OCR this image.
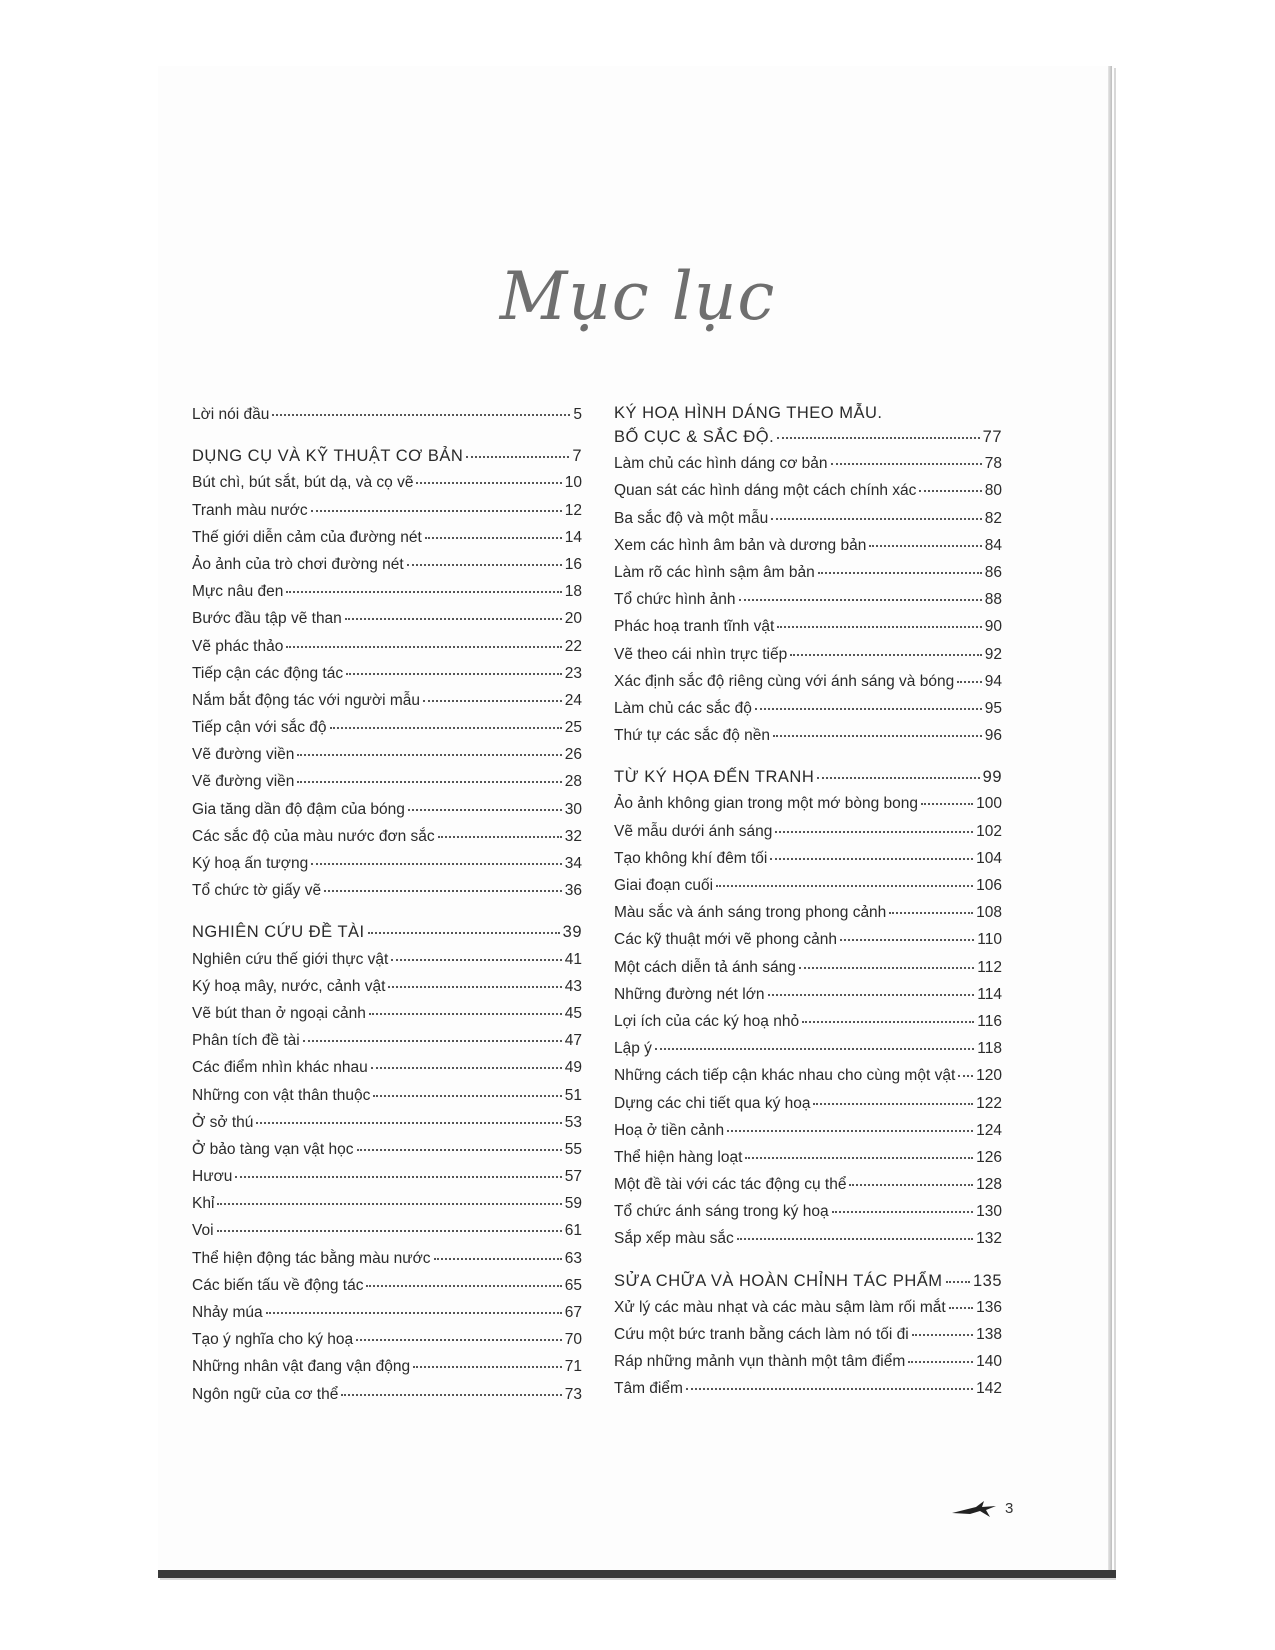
Mục lục
Lời nói đầu	5
DỤNG CỤ VÀ KỸ THUẬT CƠ BẢN	7
Bút chì, bút sắt, bút dạ, và cọ vẽ	10
Tranh màu nước	12
Thế giới diễn cảm của đường nét	14
Ảo ảnh của trò chơi đường nét	16
Mực nâu đen	18
Bước đầu tập vẽ than	20
Vẽ phác thảo	22
Tiếp cận các động tác	23
Nắm bắt động tác với người mẫu	24
Tiếp cận với sắc độ	25
Vẽ đường viền	26
Vẽ đường viền	28
Gia tăng dần độ đậm của bóng	30
Các sắc độ của màu nước đơn sắc	32
Ký hoạ ấn tượng	34
Tổ chức tờ giấy vẽ	36
NGHIÊN CỨU ĐỀ TÀI	39
Nghiên cứu thế giới thực vật	41
Ký hoạ mây, nước, cảnh vật	43
Vẽ bút than ở ngoại cảnh	45
Phân tích đề tài	47
Các điểm nhìn khác nhau	49
Những con vật thân thuộc	51
Ở sở thú	53
Ở bảo tàng vạn vật học	55
Hươu	57
Khỉ	59
Voi	61
Thể hiện động tác bằng màu nước	63
Các biến tấu về động tác	65
Nhảy múa	67
Tạo ý nghĩa cho ký hoạ	70
Những nhân vật đang vận động	71
Ngôn ngữ của cơ thể	73
KÝ HOẠ HÌNH DÁNG THEO MẪU.
BỐ CỤC & SẮC ĐỘ.	77
Làm chủ các hình dáng cơ bản	78
Quan sát các hình dáng một cách chính xác	80
Ba sắc độ và một mẫu	82
Xem các hình âm bản và dương bản	84
Làm rõ các hình sậm âm bản	86
Tổ chức hình ảnh	88
Phác hoạ tranh tĩnh vật	90
Vẽ theo cái nhìn trực tiếp	92
Xác định sắc độ riêng cùng với ánh sáng và bóng 94
Làm chủ các sắc độ	95
Thứ tự các sắc độ nền	96
TỪ KÝ HỌA ĐẾN TRANH	99
Ảo ảnh không gian trong một mớ bòng bong	100
Vẽ mẫu dưới ánh sáng	102
Tạo không khí đêm tối	104
Giai đoạn cuối	106
Màu sắc và ánh sáng trong phong cảnh	108
Các kỹ thuật mới vẽ phong cảnh	110
Một cách diễn tả ánh sáng	112
Những đường nét lớn	114
Lợi ích của các ký hoạ nhỏ	116
Lập ý	118
Những cách tiếp cận khác nhau cho cùng một vật 120
Dựng các chi tiết qua ký hoạ	122
Hoạ ở tiền cảnh	124
Thể hiện hàng loạt	126
Một đề tài với các tác động cụ thể	128
Tổ chức ánh sáng trong ký hoạ	130
Sắp xếp màu sắc	132
SỬA CHỮA VÀ HOÀN CHỈNH TÁC PHẨM 135
Xử lý các màu nhạt và các màu sậm làm rối mắt 136
Cứu một bức tranh bằng cách làm nó tối đi	138
Ráp những mảnh vụn thành một tâm điểm	140
Tâm điểm	142
3
